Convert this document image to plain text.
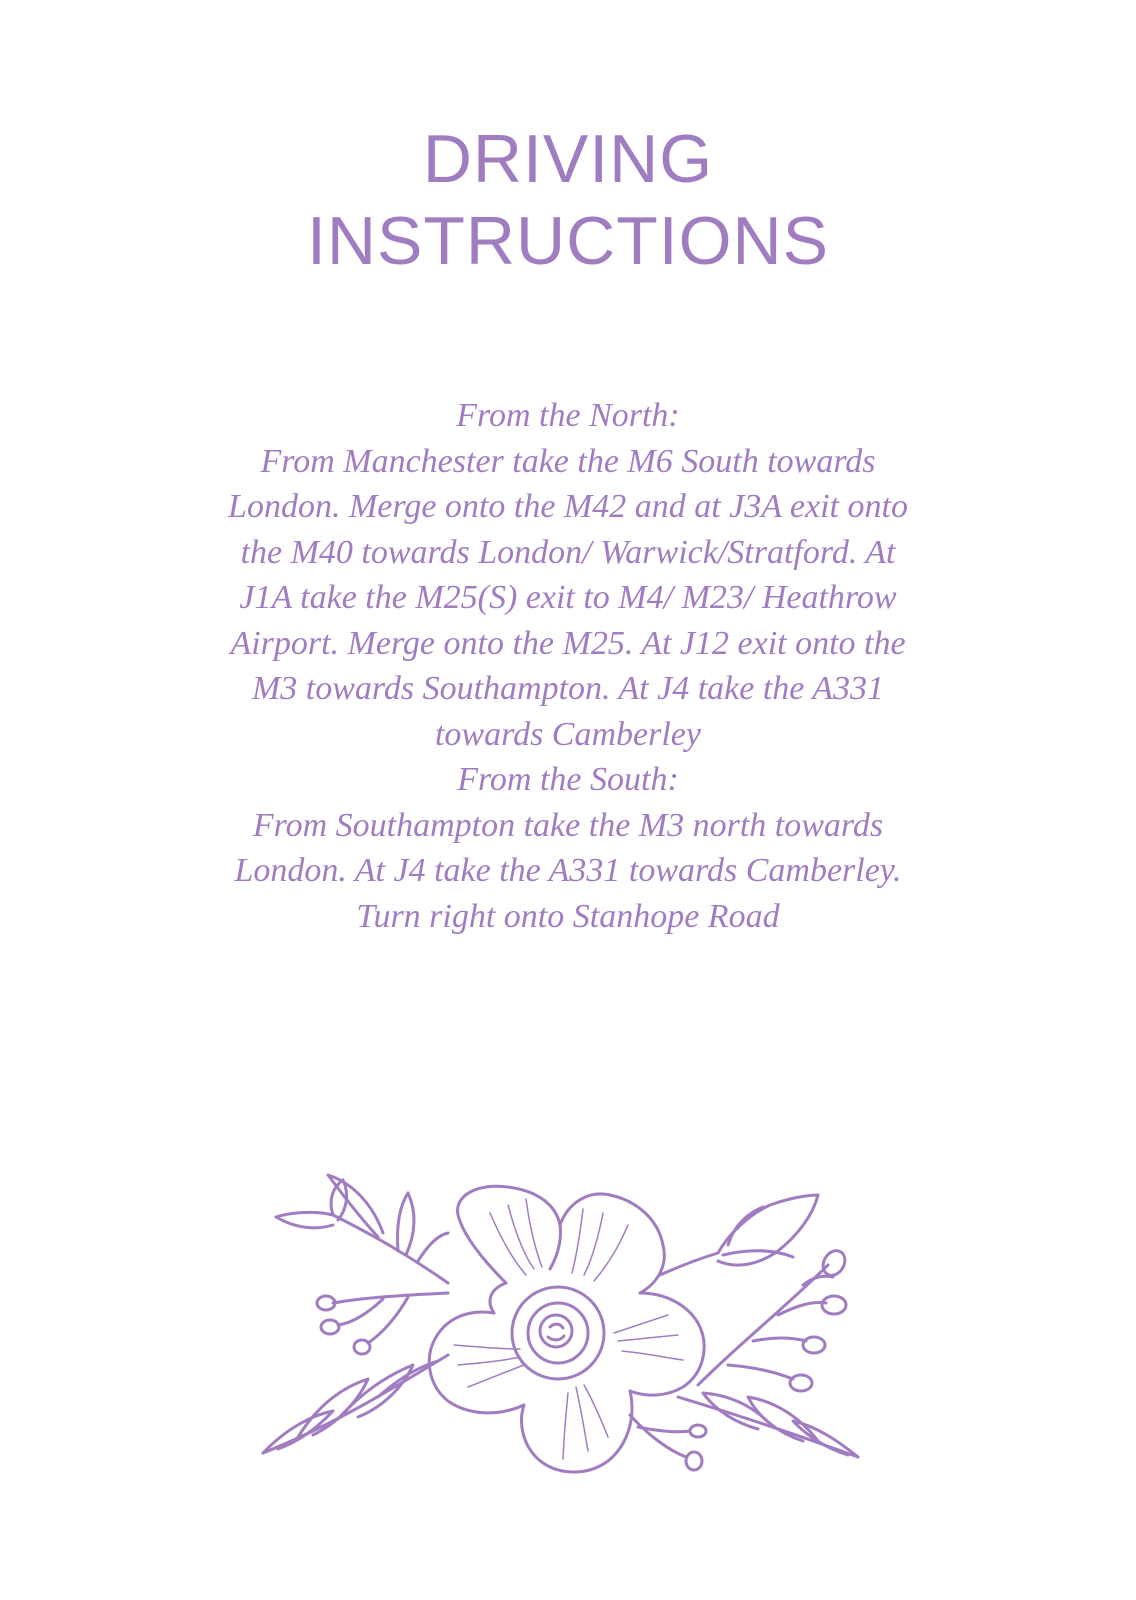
DRIVING
INSTRUCTIONS
From the North:
From Manchester take the M6 South towards
London. Merge onto the M42 and at J3A exit onto
the M40 towards London/ Warwick/Stratford. At
J1A take the M25(S) exit to M4/ M23/ Heathrow
Airport. Merge onto the M25. At J12 exit onto the
M3 towards Southampton. At J4 take the A331
towards Camberley
From the South:
From Southampton take the M3 north towards
London. At J4 take the A331 towards Camberley.
Turn right onto Stanhope Road
